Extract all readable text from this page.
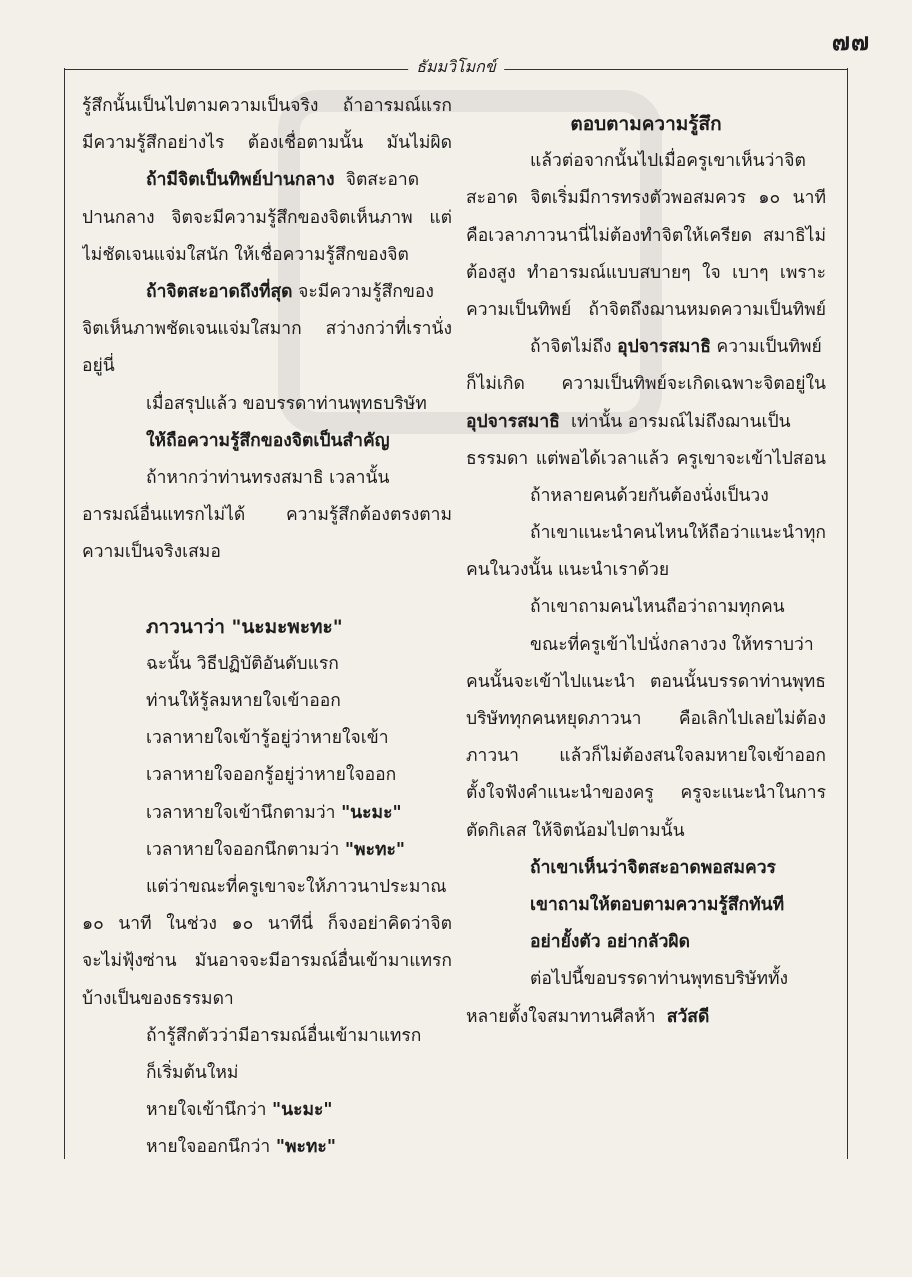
๗๗
ธัมมวิโมกข์
รู้สึกนั้นเป็นไปตามความเป็นจริง ถ้าอารมณ์แรก
มีความรู้สึกอย่างไร ต้องเชื่อตามนั้น มันไม่ผิด
ถ้ามีจิตเป็นทิพย์ปานกลาง จิตสะอาด
ปานกลาง จิตจะมีความรู้สึกของจิตเห็นภาพ แต่
ไม่ชัดเจนแจ่มใสนัก ให้เชื่อความรู้สึกของจิต
ถ้าจิตสะอาดถึงที่สุด จะมีความรู้สึกของ
จิตเห็นภาพชัดเจนแจ่มใสมาก สว่างกว่าที่เรานั่ง
อยู่นี่
เมื่อสรุปแล้ว ขอบรรดาท่านพุทธบริษัท
ให้ถือความรู้สึกของจิตเป็นสำคัญ
ถ้าหากว่าท่านทรงสมาธิ เวลานั้น
อารมณ์อื่นแทรกไม่ได้ ความรู้สึกต้องตรงตาม
ความเป็นจริงเสมอ
ภาวนาว่า "นะมะพะทะ"
ฉะนั้น วิธีปฏิบัติอันดับแรก
ท่านให้รู้ลมหายใจเข้าออก
เวลาหายใจเข้ารู้อยู่ว่าหายใจเข้า
เวลาหายใจออกรู้อยู่ว่าหายใจออก
เวลาหายใจเข้านึกตามว่า "นะมะ"
เวลาหายใจออกนึกตามว่า "พะทะ"
แต่ว่าขณะที่ครูเขาจะให้ภาวนาประมาณ
๑๐ นาที ในช่วง ๑๐ นาทีนี่ ก็จงอย่าคิดว่าจิต
จะไม่ฟุ้งซ่าน มันอาจจะมีอารมณ์อื่นเข้ามาแทรก
บ้างเป็นของธรรมดา
ถ้ารู้สึกตัวว่ามีอารมณ์อื่นเข้ามาแทรก
ก็เริ่มต้นใหม่
หายใจเข้านึกว่า "นะมะ"
หายใจออกนึกว่า "พะทะ"
ตอบตามความรู้สึก
แล้วต่อจากนั้นไปเมื่อครูเขาเห็นว่าจิต
สะอาด จิตเริ่มมีการทรงตัวพอสมควร ๑๐ นาที
คือเวลาภาวนานี่ไม่ต้องทำจิตให้เครียด สมาธิไม่
ต้องสูง ทำอารมณ์แบบสบายๆ ใจ เบาๆ เพราะ
ความเป็นทิพย์ ถ้าจิตถึงฌานหมดความเป็นทิพย์
ถ้าจิตไม่ถึง อุปจารสมาธิ ความเป็นทิพย์
ก็ไม่เกิด ความเป็นทิพย์จะเกิดเฉพาะจิตอยู่ใน
อุปจารสมาธิ เท่านั้น อารมณ์ไม่ถึงฌานเป็น
ธรรมดา แต่พอได้เวลาแล้ว ครูเขาจะเข้าไปสอน
ถ้าหลายคนด้วยกันต้องนั่งเป็นวง
ถ้าเขาแนะนำคนไหนให้ถือว่าแนะนำทุก
คนในวงนั้น แนะนำเราด้วย
ถ้าเขาถามคนไหนถือว่าถามทุกคน
ขณะที่ครูเข้าไปนั่งกลางวง ให้ทราบว่า
คนนั้นจะเข้าไปแนะนำ ตอนนั้นบรรดาท่านพุทธ
บริษัททุกคนหยุดภาวนา คือเลิกไปเลยไม่ต้อง
ภาวนา แล้วก็ไม่ต้องสนใจลมหายใจเข้าออก
ตั้งใจฟังคำแนะนำของครู ครูจะแนะนำในการ
ตัดกิเลส ให้จิตน้อมไปตามนั้น
ถ้าเขาเห็นว่าจิตสะอาดพอสมควร
เขาถามให้ตอบตามความรู้สึกทันที
อย่ายั้งตัว อย่ากลัวผิด
ต่อไปนี้ขอบรรดาท่านพุทธบริษัททั้ง
หลายตั้งใจสมาทานศีลห้า สวัสดี
